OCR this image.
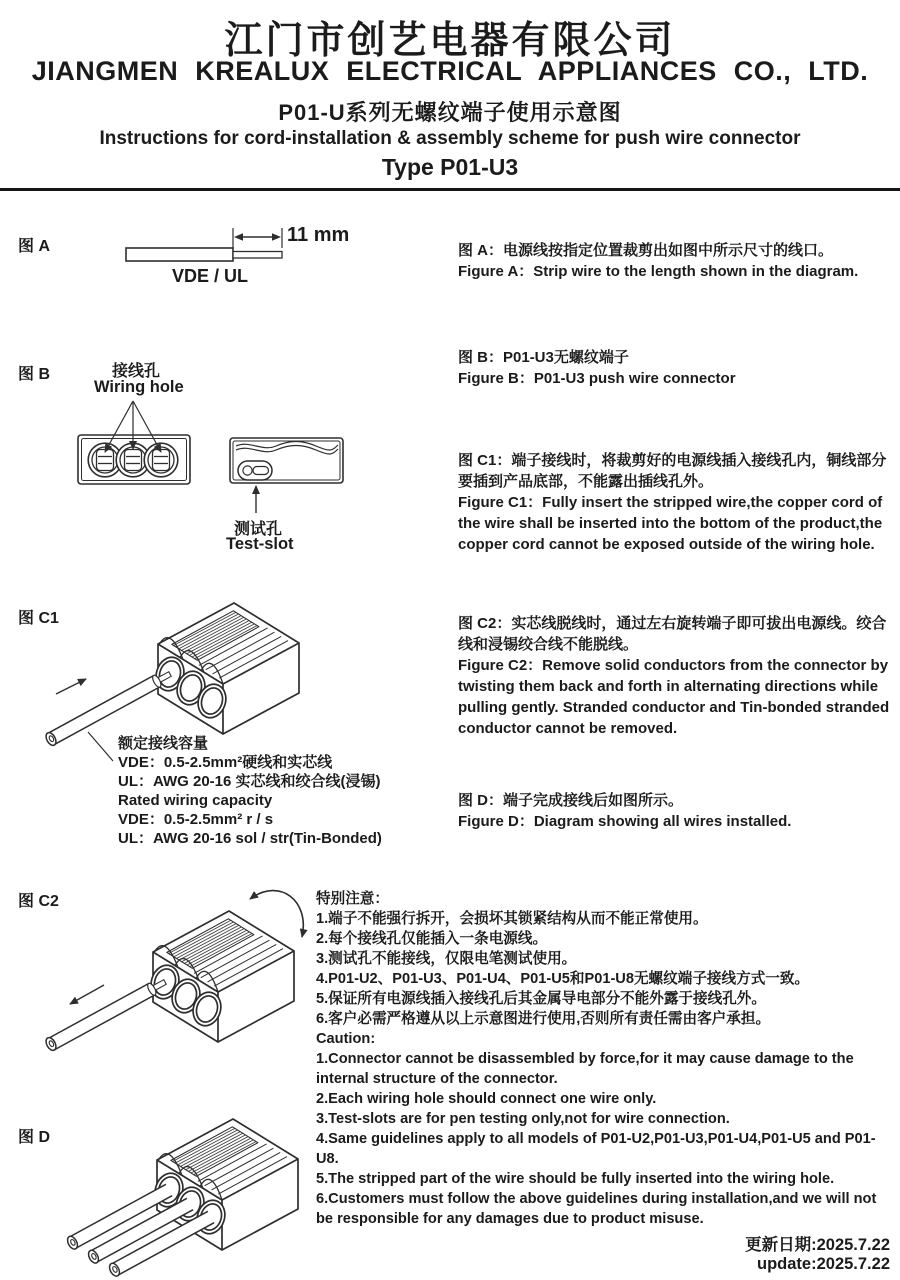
江门市创艺电器有限公司
JIANGMEN KREALUX ELECTRICAL APPLIANCES CO., LTD.
P01-U系列无螺纹端子使用示意图
Instructions for cord-installation & assembly scheme for push wire connector
Type P01-U3
图 A
11 mm
VDE / UL

图 A：电源线按指定位置裁剪出如图中所示尺寸的线口。

Figure A：Strip wire to the length shown in the diagram.

图 B	接线孔
Wiring hole
测试孔
Test-slot

图 B：P01-U3无螺纹端子

Figure B：P01-U3 push wire connector

图 C1

额定接线容量

VDE：0.5-2.5mm²硬线和实芯线

UL：AWG 20-16 实芯线和绞合线(浸锡)

Rated wiring capacity

VDE：0.5-2.5mm² r / s

UL：AWG 20-16 sol / str(Tin-Bonded)

图 C1：端子接线时，将裁剪好的电源线插入接线孔内，铜线部分要插到产品底部，不能露出插线孔外。

Figure C1：Fully insert the stripped wire,the copper cord of the wire shall be inserted into the bottom of the product,the copper cord cannot be exposed outside of the wiring hole.

图 C2

图 C2：实芯线脱线时，通过左右旋转端子即可拔出电源线。绞合线和浸锡绞合线不能脱线。

Figure C2：Remove solid conductors from the connector by twisting them back and forth in alternating directions while pulling gently. Stranded conductor and Tin-bonded stranded conductor cannot be removed.

图 D

图 D：端子完成接线后如图所示。

Figure D：Diagram showing all wires installed.

特别注意：

1.端子不能强行拆开，会损坏其锁紧结构从而不能正常使用。

2.每个接线孔仅能插入一条电源线。

3.测试孔不能接线，仅限电笔测试使用。

4.P01-U2、P01-U3、P01-U4、P01-U5和P01-U8无螺纹端子接线方式一致。

5.保证所有电源线插入接线孔后其金属导电部分不能外露于接线孔外。

6.客户必需严格遵从以上示意图进行使用,否则所有责任需由客户承担。

Caution:

1.Connector cannot be disassembled by force,for it may cause damage to the internal structure of the connector.

2.Each wiring hole should connect one wire only.

3.Test-slots are for pen testing only,not for wire connection.

4.Same guidelines apply to all models of P01-U2,P01-U3,P01-U4,P01-U5 and P01-U8.

5.The stripped part of the wire should be fully inserted into the wiring hole.

6.Customers must follow the above guidelines during installation,and we will not be responsible for any damages due to product misuse.

更新日期:2025.7.22
update:2025.7.22
